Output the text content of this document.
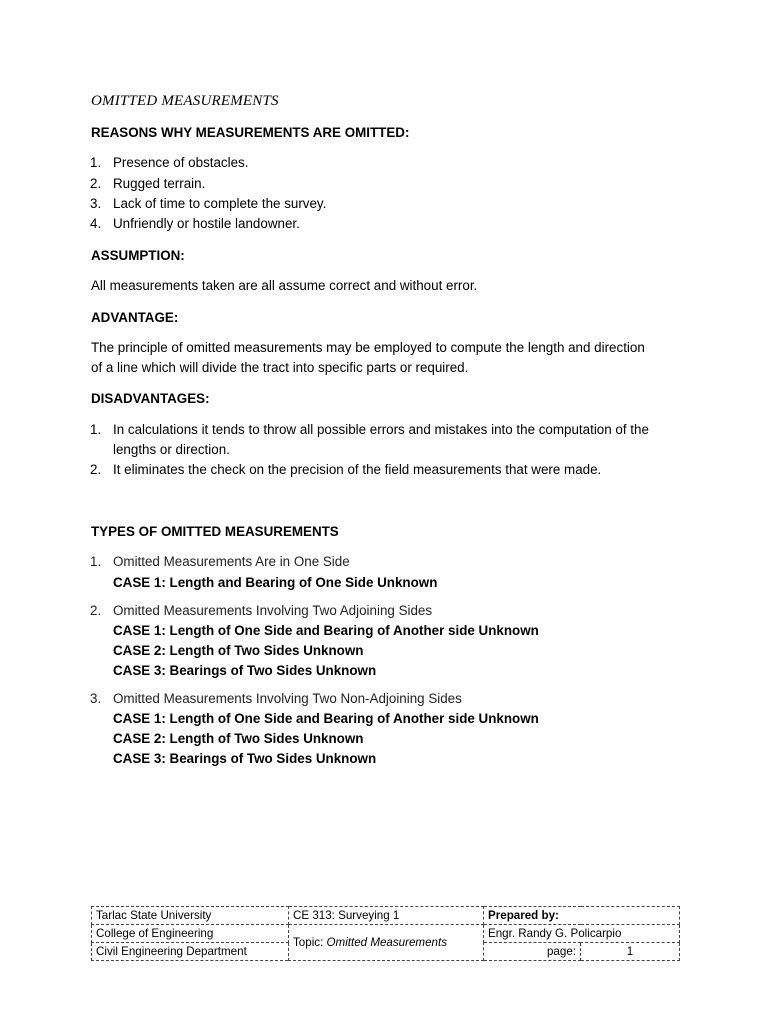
OMITTED MEASUREMENTS
REASONS WHY MEASUREMENTS ARE OMITTED:
1. Presence of obstacles.
2. Rugged terrain.
3. Lack of time to complete the survey.
4. Unfriendly or hostile landowner.
ASSUMPTION:
All measurements taken are all assume correct and without error.
ADVANTAGE:
The principle of omitted measurements may be employed to compute the length and direction
of a line which will divide the tract into specific parts or required.
DISADVANTAGES:
1. In calculations it tends to throw all possible errors and mistakes into the computation of the
lengths or direction.
2. It eliminates the check on the precision of the field measurements that were made.
TYPES OF OMITTED MEASUREMENTS
1. Omitted Measurements Are in One Side
CASE 1: Length and Bearing of One Side Unknown
2. Omitted Measurements Involving Two Adjoining Sides
CASE 1: Length of One Side and Bearing of Another side Unknown
CASE 2: Length of Two Sides Unknown
CASE 3: Bearings of Two Sides Unknown
3. Omitted Measurements Involving Two Non-Adjoining Sides
CASE 1: Length of One Side and Bearing of Another side Unknown
CASE 2: Length of Two Sides Unknown
CASE 3: Bearings of Two Sides Unknown
Tarlac State University	CE 313: Surveying 1	Prepared by:	
College of Engineering	Topic: Omitted Measurements	Engr. Randy G. Policarpio	
Civil Engineering Department		page:	1
